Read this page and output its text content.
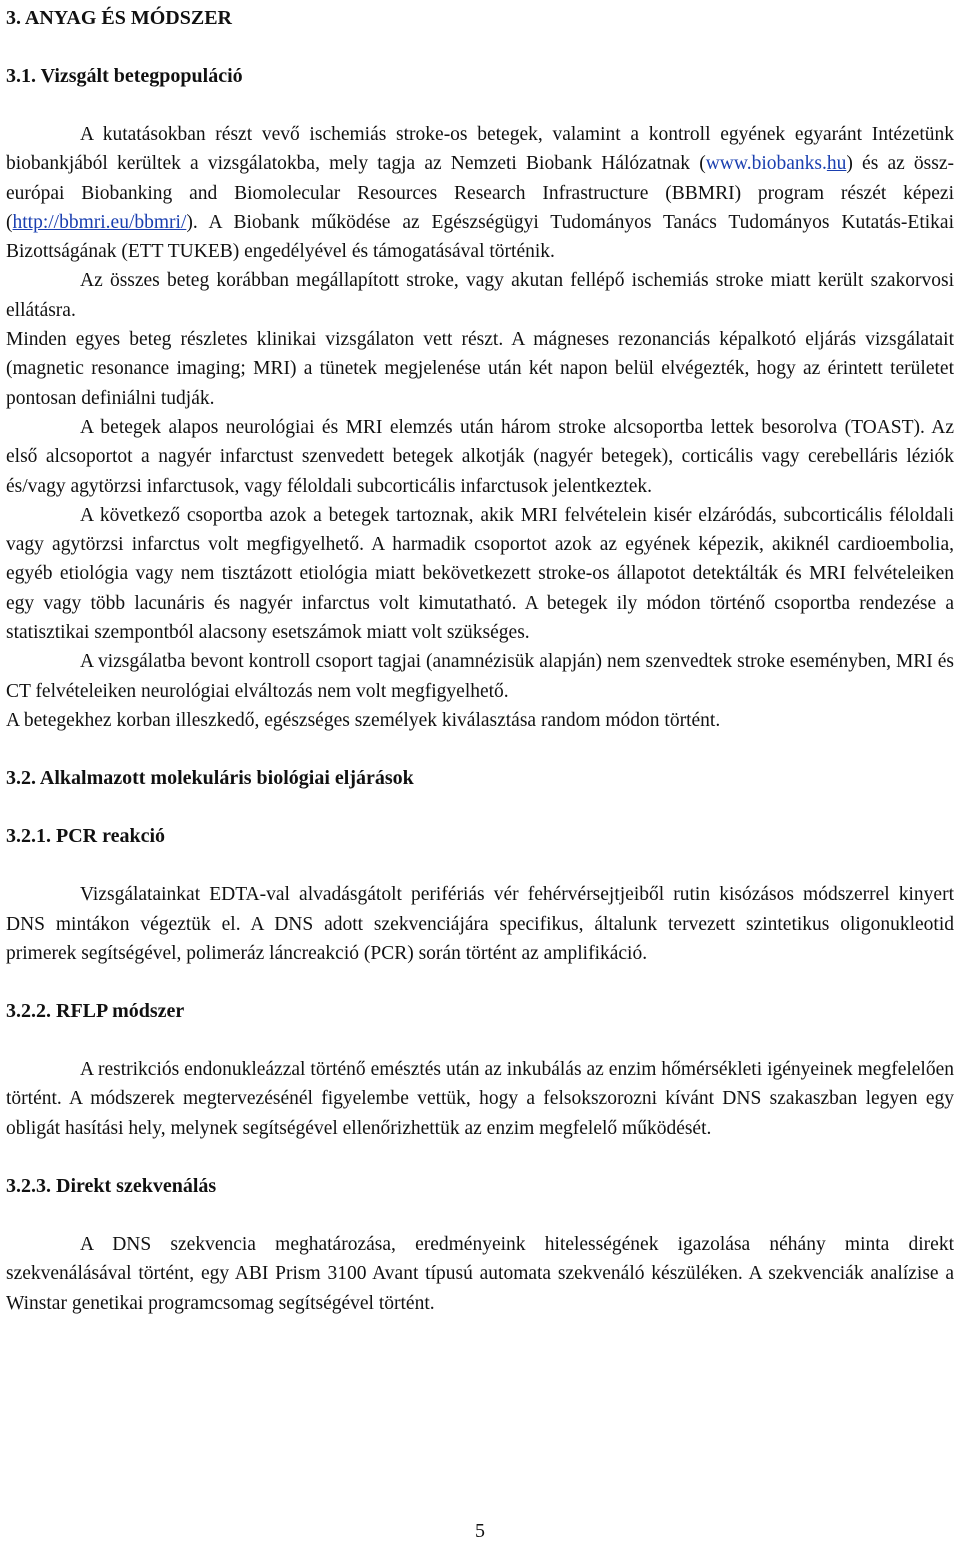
3. ANYAG ÉS MÓDSZER
3.1. Vizsgált betegpopuláció

A kutatásokban részt vevő ischemiás stroke-os betegek, valamint a kontroll egyének egyaránt Intézetünk biobankjából kerültek a vizsgálatokba, mely tagja az Nemzeti Biobank Hálózatnak (www.biobanks.hu) és az össz-európai Biobanking and Biomolecular Resources Research Infrastructure (BBMRI) program részét képezi (http://bbmri.eu/bbmri/). A Biobank működése az Egészségügyi Tudományos Tanács Tudományos Kutatás-Etikai Bizottságának (ETT TUKEB) engedélyével és támogatásával történik.

Az összes beteg korábban megállapított stroke, vagy akutan fellépő ischemiás stroke miatt került szakorvosi ellátásra.

Minden egyes beteg részletes klinikai vizsgálaton vett részt. A mágneses rezonanciás képalkotó eljárás vizsgálatait (magnetic resonance imaging; MRI) a tünetek megjelenése után két napon belül elvégezték, hogy az érintett területet pontosan definiálni tudják.

A betegek alapos neurológiai és MRI elemzés után három stroke alcsoportba lettek besorolva (TOAST). Az első alcsoportot a nagyér infarctust szenvedett betegek alkotják (nagyér betegek), corticális vagy cerebelláris léziók és/vagy agytörzsi infarctusok, vagy féloldali subcorticális infarctusok jelentkeztek.

A következő csoportba azok a betegek tartoznak, akik MRI felvételein kisér elzáródás, subcorticális féloldali vagy agytörzsi infarctus volt megfigyelhető. A harmadik csoportot azok az egyének képezik, akiknél cardioembolia, egyéb etiológia vagy nem tisztázott etiológia miatt bekövetkezett stroke-os állapotot detektálták és MRI felvételeiken egy vagy több lacunáris és nagyér infarctus volt kimutatható. A betegek ily módon történő csoportba rendezése a statisztikai szempontból alacsony esetszámok miatt volt szükséges.

A vizsgálatba bevont kontroll csoport tagjai (anamnézisük alapján) nem szenvedtek stroke eseményben, MRI és CT felvételeiken neurológiai elváltozás nem volt megfigyelhető.

A betegekhez korban illeszkedő, egészséges személyek kiválasztása random módon történt.

3.2. Alkalmazott molekuláris biológiai eljárások
3.2.1. PCR reakció

Vizsgálatainkat EDTA-val alvadásgátolt perifériás vér fehérvérsejtjeiből rutin kisózásos módszerrel kinyert DNS mintákon végeztük el. A DNS adott szekvenciájára specifikus, általunk tervezett szintetikus oligonukleotid primerek segítségével, polimeráz láncreakció (PCR) során történt az amplifikáció.

3.2.2. RFLP módszer

A restrikciós endonukleázzal történő emésztés után az inkubálás az enzim hőmérsékleti igényeinek megfelelően történt. A módszerek megtervezésénél figyelembe vettük, hogy a felsokszorozni kívánt DNS szakaszban legyen egy obligát hasítási hely, melynek segítségével ellenőrizhettük az enzim megfelelő működését.

3.2.3. Direkt szekvenálás

A DNS szekvencia meghatározása, eredményeink hitelességének igazolása néhány minta direkt szekvenálásával történt, egy ABI Prism 3100 Avant típusú automata szekvenáló készüléken. A szekvenciák analízise a Winstar genetikai programcsomag segítségével történt.

5
